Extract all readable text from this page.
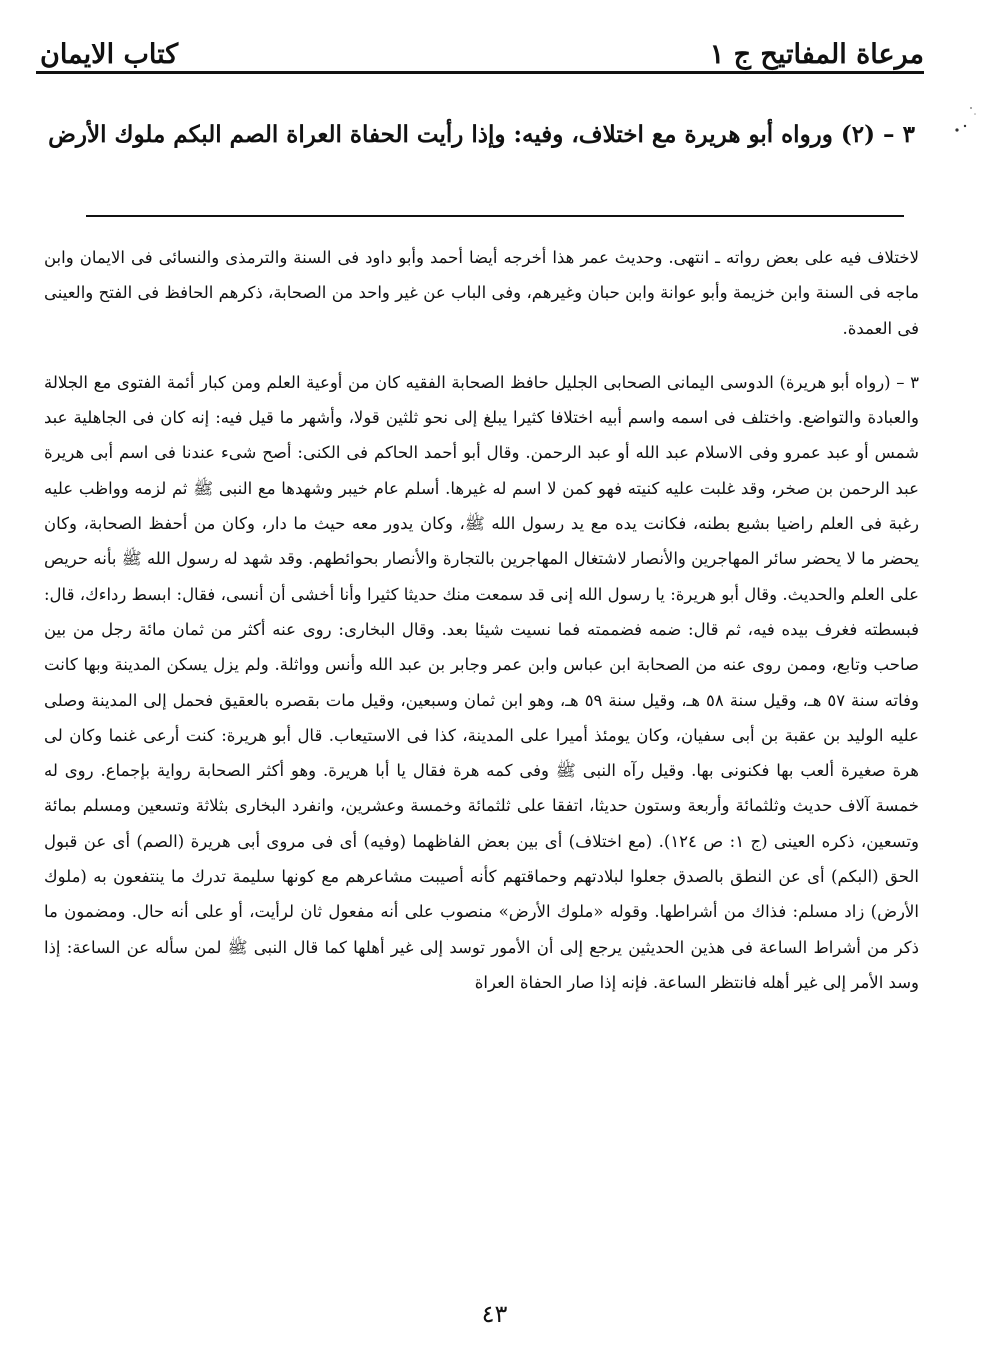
مرعاة المفاتيح ج ١
كتاب الايمان
٣ – (٢) ورواه أبو هريرة مع اختلاف، وفيه: وإذا رأيت الحفاة العراة الصم البكم ملوك الأرض

لاختلاف فيه على بعض رواته ـ انتهى. وحديث عمر هذا أخرجه أيضا أحمد وأبو داود فى السنة والترمذى والنسائى فى الايمان وابن ماجه فى السنة وابن خزيمة وأبو عوانة وابن حبان وغيرهم، وفى الباب عن غير واحد من الصحابة، ذكرهم الحافظ فى الفتح والعينى فى العمدة.

٣ – (رواه أبو هريرة) الدوسى اليمانى الصحابى الجليل حافظ الصحابة الفقيه كان من أوعية العلم ومن كبار أئمة الفتوى مع الجلالة والعبادة والتواضع. واختلف فى اسمه واسم أبيه اختلافا كثيرا يبلغ إلى نحو ثلثين قولا، وأشهر ما قيل فيه: إنه كان فى الجاهلية عبد شمس أو عبد عمرو وفى الاسلام عبد الله أو عبد الرحمن. وقال أبو أحمد الحاكم فى الكنى: أصح شىء عندنا فى اسم أبى هريرة عبد الرحمن بن صخر، وقد غلبت عليه كنيته فهو كمن لا اسم له غيرها. أسلم عام خيبر وشهدها مع النبى ﷺ ثم لزمه وواظب عليه رغبة فى العلم راضيا بشبع بطنه، فكانت يده مع يد رسول الله ﷺ، وكان يدور معه حيث ما دار، وكان من أحفظ الصحابة، وكان يحضر ما لا يحضر سائر المهاجرين والأنصار لاشتغال المهاجرين بالتجارة والأنصار بحوائطهم. وقد شهد له رسول الله ﷺ بأنه حريص على العلم والحديث. وقال أبو هريرة: يا رسول الله إنى قد سمعت منك حديثا كثيرا وأنا أخشى أن أنسى، فقال: ابسط رداءك، قال: فبسطته فغرف بيده فيه، ثم قال: ضمه فضممته فما نسيت شيئا بعد. وقال البخارى: روى عنه أكثر من ثمان مائة رجل من بين صاحب وتابع، وممن روى عنه من الصحابة ابن عباس وابن عمر وجابر بن عبد الله وأنس وواثلة. ولم يزل يسكن المدينة وبها كانت وفاته سنة ٥٧ هـ، وقيل سنة ٥٨ هـ، وقيل سنة ٥٩ هـ، وهو ابن ثمان وسبعين، وقيل مات بقصره بالعقيق فحمل إلى المدينة وصلى عليه الوليد بن عقبة بن أبى سفيان، وكان يومئذ أميرا على المدينة، كذا فى الاستيعاب. قال أبو هريرة: كنت أرعى غنما وكان لى هرة صغيرة ألعب بها فكنونى بها. وقيل رآه النبى ﷺ وفى كمه هرة فقال يا أبا هريرة. وهو أكثر الصحابة رواية بإجماع. روى له خمسة آلاف حديث وثلثمائة وأربعة وستون حديثا، اتفقا على ثلثمائة وخمسة وعشرين، وانفرد البخارى بثلاثة وتسعين ومسلم بمائة وتسعين، ذكره العينى (ج ١: ص ١٢٤). (مع اختلاف) أى بين بعض الفاظهما (وفيه) أى فى مروى أبى هريرة (الصم) أى عن قبول الحق (البكم) أى عن النطق بالصدق جعلوا لبلادتهم وحماقتهم كأنه أصيبت مشاعرهم مع كونها سليمة تدرك ما ينتفعون به (ملوك الأرض) زاد مسلم: فذاك من أشراطها. وقوله «ملوك الأرض» منصوب على أنه مفعول ثان لرأيت، أو على أنه حال. ومضمون ما ذكر من أشراط الساعة فى هذين الحديثين يرجع إلى أن الأمور توسد إلى غير أهلها كما قال النبى ﷺ لمن سأله عن الساعة: إذا وسد الأمر إلى غير أهله فانتظر الساعة. فإنه إذا صار الحفاة العراة

٤٣
